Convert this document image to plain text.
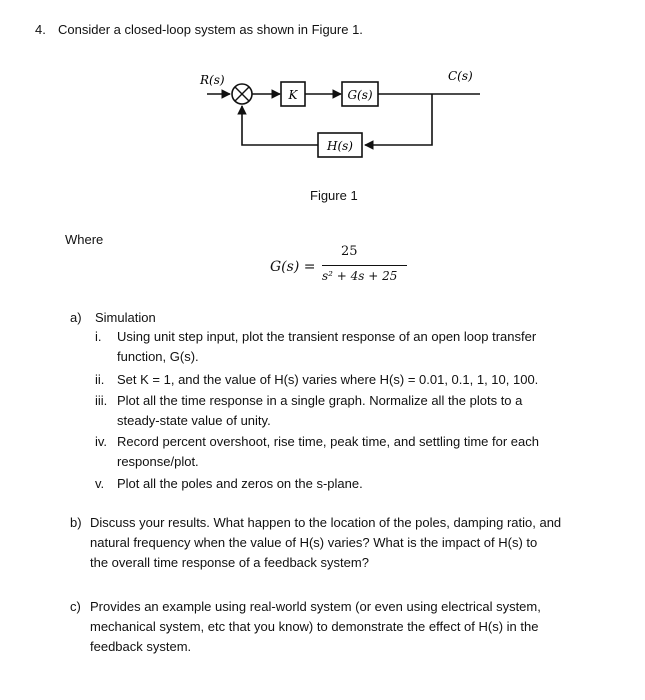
4. Consider a closed-loop system as shown in Figure 1.
K	G(s)
H(s)
R(s)	C(s)
Figure 1
Where
G(s) =
25
s² + 4s + 25
a) Simulation
i. Using unit step input, plot the transient response of an open loop transfer
function, G(s).
ii. Set K = 1, and the value of H(s) varies where H(s) = 0.01, 0.1, 1, 10, 100.
iii. Plot all the time response in a single graph. Normalize all the plots to a
steady-state value of unity.
iv. Record percent overshoot, rise time, peak time, and settling time for each
response/plot.
v. Plot all the poles and zeros on the s-plane.
b) Discuss your results. What happen to the location of the poles, damping ratio, and
natural frequency when the value of H(s) varies? What is the impact of H(s) to
the overall time response of a feedback system?
c) Provides an example using real-world system (or even using electrical system,
mechanical system, etc that you know) to demonstrate the effect of H(s) in the
feedback system.
